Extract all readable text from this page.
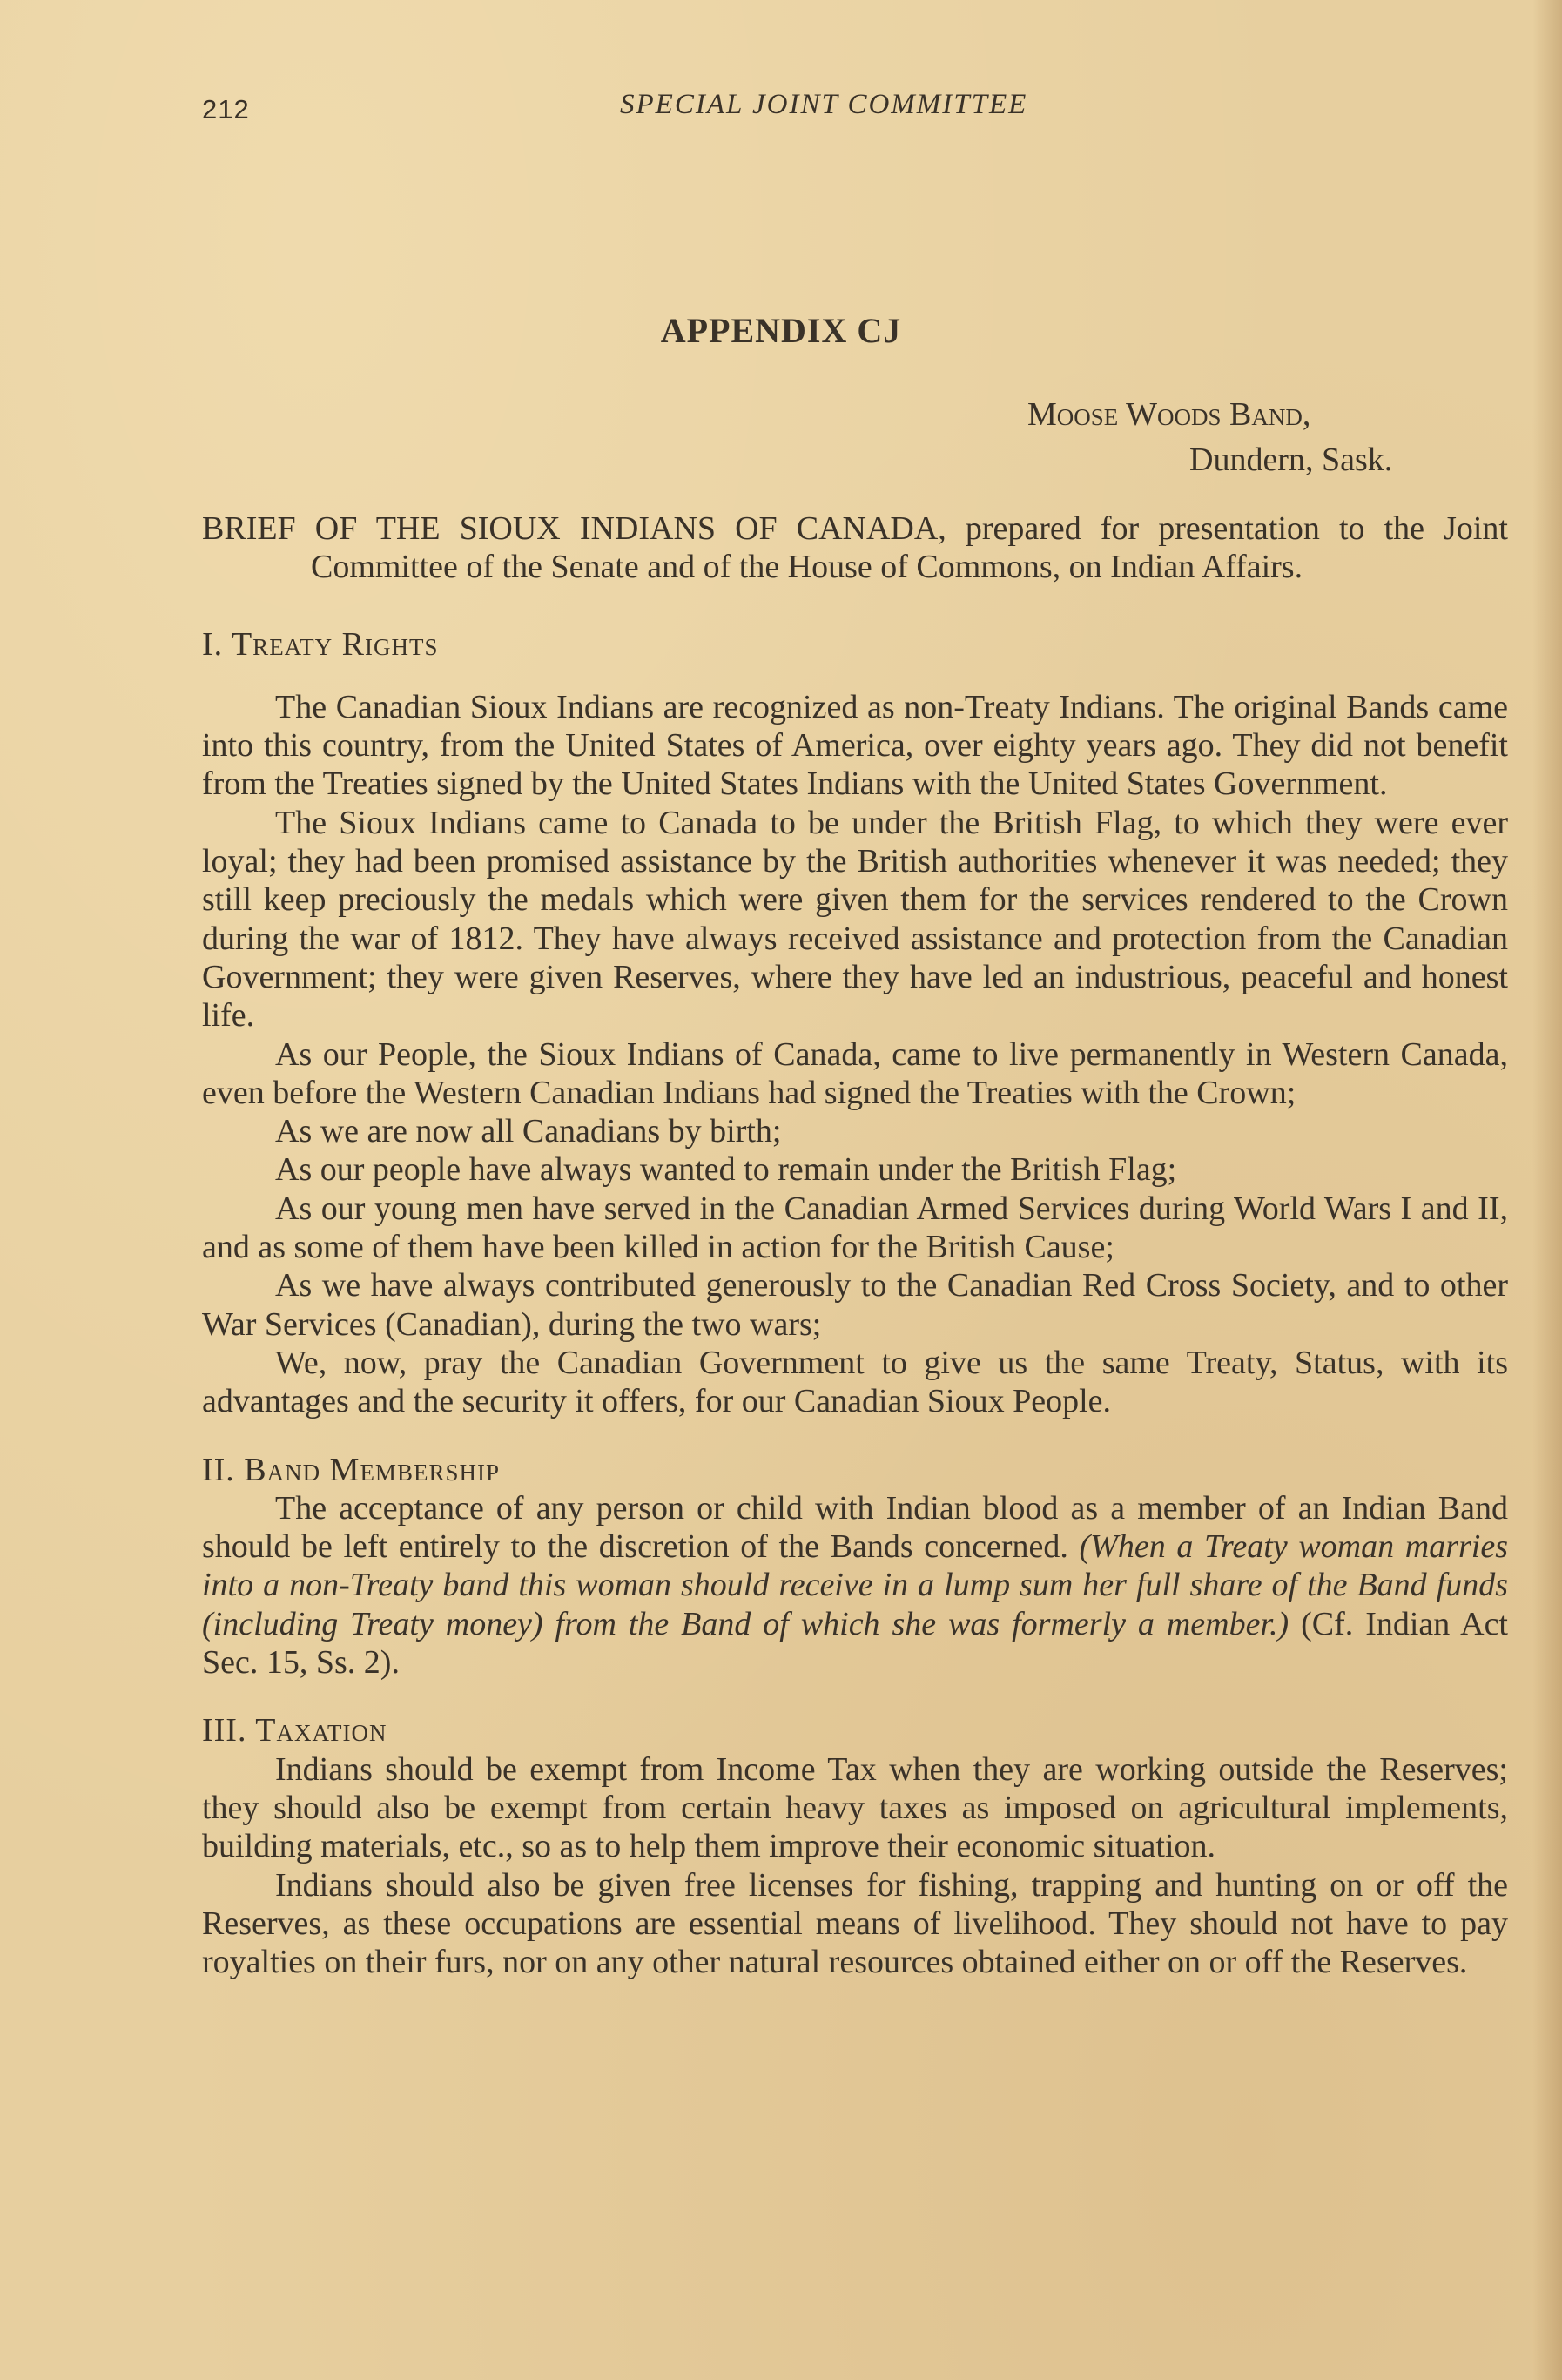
212	SPECIAL JOINT COMMITTEE
APPENDIX CJ
Moose Woods Band,
Dundern, Sask.

BRIEF OF THE SIOUX INDIANS OF CANADA, prepared for presentation to the Joint Committee of the Senate and of the House of Commons, on Indian Affairs.

I. Treaty Rights

The Canadian Sioux Indians are recognized as non-Treaty Indians. The original Bands came into this country, from the United States of America, over eighty years ago. They did not benefit from the Treaties signed by the United States Indians with the United States Government.

The Sioux Indians came to Canada to be under the British Flag, to which they were ever loyal; they had been promised assistance by the British authorities whenever it was needed; they still keep preciously the medals which were given them for the services rendered to the Crown during the war of 1812. They have always received assistance and protection from the Canadian Government; they were given Reserves, where they have led an industrious, peaceful and honest life.

As our People, the Sioux Indians of Canada, came to live permanently in Western Canada, even before the Western Canadian Indians had signed the Treaties with the Crown;

As we are now all Canadians by birth;

As our people have always wanted to remain under the British Flag;

As our young men have served in the Canadian Armed Services during World Wars I and II, and as some of them have been killed in action for the British Cause;

As we have always contributed generously to the Canadian Red Cross Society, and to other War Services (Canadian), during the two wars;

We, now, pray the Canadian Government to give us the same Treaty, Status, with its advantages and the security it offers, for our Canadian Sioux People.

II. Band Membership

The acceptance of any person or child with Indian blood as a member of an Indian Band should be left entirely to the discretion of the Bands concerned. (When a Treaty woman marries into a non-Treaty band this woman should receive in a lump sum her full share of the Band funds (including Treaty money) from the Band of which she was formerly a member.) (Cf. Indian Act Sec. 15, Ss. 2).

III. Taxation

Indians should be exempt from Income Tax when they are working outside the Reserves; they should also be exempt from certain heavy taxes as imposed on agricultural implements, building materials, etc., so as to help them improve their economic situation.

Indians should also be given free licenses for fishing, trapping and hunting on or off the Reserves, as these occupations are essential means of livelihood. They should not have to pay royalties on their furs, nor on any other natural resources obtained either on or off the Reserves.
